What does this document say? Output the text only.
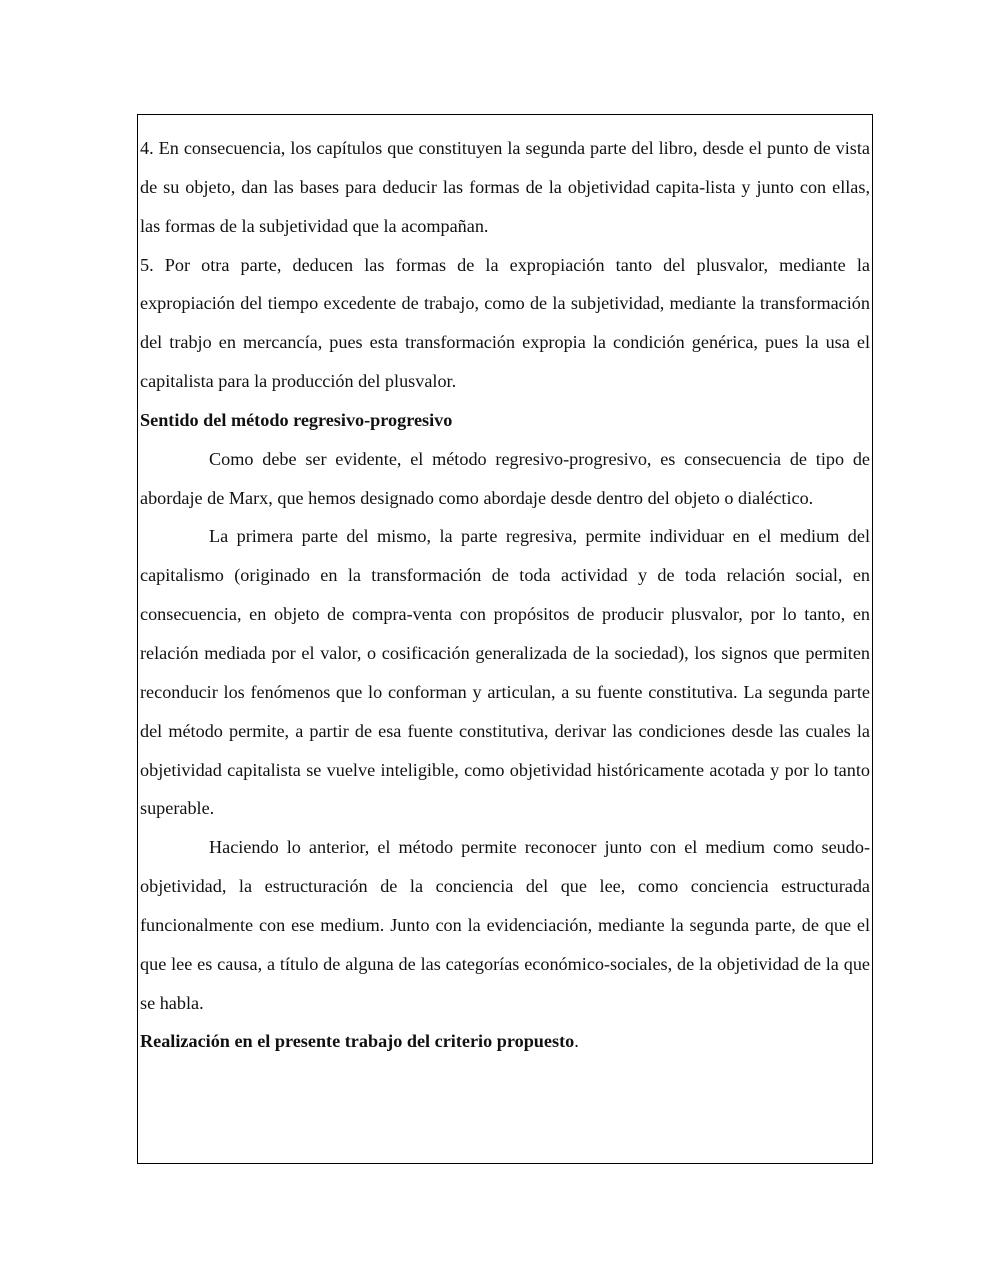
4. En consecuencia, los capítulos que constituyen la segunda parte del libro, desde el punto de vista de su objeto, dan las bases para deducir las formas de la objetividad capita-lista y junto con ellas, las formas de la subjetividad que la acompañan.

5. Por otra parte, deducen las formas de la expropiación tanto del plusvalor, mediante la expropiación del tiempo excedente de trabajo, como de la subjetividad, mediante la transformación del trabjo en mercancía, pues esta transformación expropia la condición genérica, pues la usa el capitalista para la producción del plusvalor.

Sentido del método regresivo-progresivo

Como debe ser evidente, el método regresivo-progresivo, es consecuencia de tipo de abordaje de Marx, que hemos designado como abordaje desde dentro del objeto o dialéctico.

La primera parte del mismo, la parte regresiva, permite individuar en el medium del capitalismo (originado en la transformación de toda actividad y de toda relación social, en consecuencia, en objeto de compra-venta con propósitos de producir plusvalor, por lo tanto, en relación mediada por el valor, o cosificación generalizada de la sociedad), los signos que permiten reconducir los fenómenos que lo conforman y articulan, a su fuente constitutiva. La segunda parte del método permite, a partir de esa fuente constitutiva, derivar las condiciones desde las cuales la objetividad capitalista se vuelve inteligible, como objetividad históricamente acotada y por lo tanto superable.

Haciendo lo anterior, el método permite reconocer junto con el medium como seudo-objetividad, la estructuración de la conciencia del que lee, como conciencia estructurada funcionalmente con ese medium. Junto con la evidenciación, mediante la segunda parte, de que el que lee es causa, a título de alguna de las categorías económico-sociales, de la objetividad de la que se habla.

Realización en el presente trabajo del criterio propuesto.
